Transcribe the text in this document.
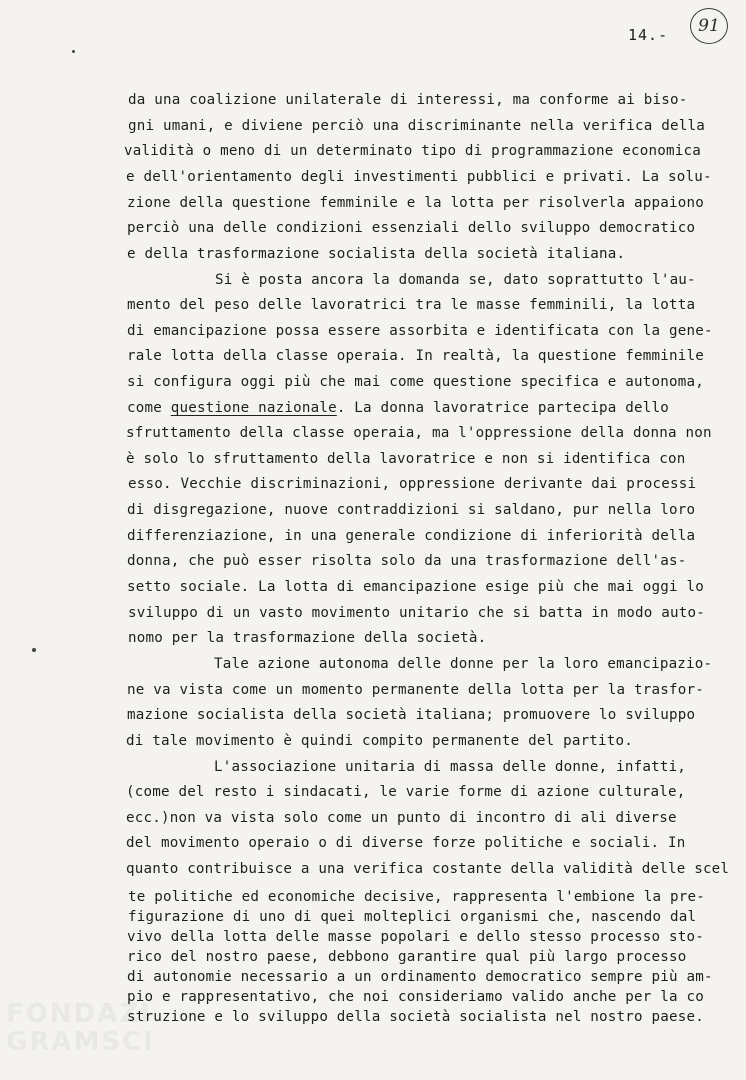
14.-	91
FONDAZI
GRAMSCI
da una coalizione unilaterale di interessi, ma conforme ai biso-
gni umani, e diviene perciò una discriminante nella verifica della
validità o meno di un determinato tipo di programmazione economica
e dell'orientamento degli investimenti pubblici e privati. La solu-
zione della questione femminile e la lotta per risolverla appaiono
perciò una delle condizioni essenziali dello sviluppo democratico
e della trasformazione socialista della società italiana.
Si è posta ancora la domanda se, dato soprattutto l'au-
mento del peso delle lavoratrici tra le masse femminili, la lotta
di emancipazione possa essere assorbita e identificata con la gene-
rale lotta della classe operaia. In realtà, la questione femminile
si configura oggi più che mai come questione specifica e autonoma,
come questione nazionale. La donna lavoratrice partecipa dello
sfruttamento della classe operaia, ma l'oppressione della donna non
è solo lo sfruttamento della lavoratrice e non si identifica con
esso. Vecchie discriminazioni, oppressione derivante dai processi
di disgregazione, nuove contraddizioni si saldano, pur nella loro
differenziazione, in una generale condizione di inferiorità della
donna, che può esser risolta solo da una trasformazione dell'as-
setto sociale. La lotta di emancipazione esige più che mai oggi lo
sviluppo di un vasto movimento unitario che si batta in modo auto-
nomo per la trasformazione della società.
Tale azione autonoma delle donne per la loro emancipazio-
ne va vista come un momento permanente della lotta per la trasfor-
mazione socialista della società italiana; promuovere lo sviluppo
di tale movimento è quindi compito permanente del partito.
L'associazione unitaria di massa delle donne, infatti,
(come del resto i sindacati, le varie forme di azione culturale,
ecc.)non va vista solo come un punto di incontro di ali diverse
del movimento operaio o di diverse forze politiche e sociali. In
quanto contribuisce a una verifica costante della validità delle scel
te politiche ed economiche decisive, rappresenta l'embione la pre-
figurazione di uno di quei molteplici organismi che, nascendo dal
vivo della lotta delle masse popolari e dello stesso processo sto-
rico del nostro paese, debbono garantire qual più largo processo
di autonomie necessario a un ordinamento democratico sempre più am-
pio e rappresentativo, che noi consideriamo valido anche per la co
struzione e lo sviluppo della società socialista nel nostro paese.
